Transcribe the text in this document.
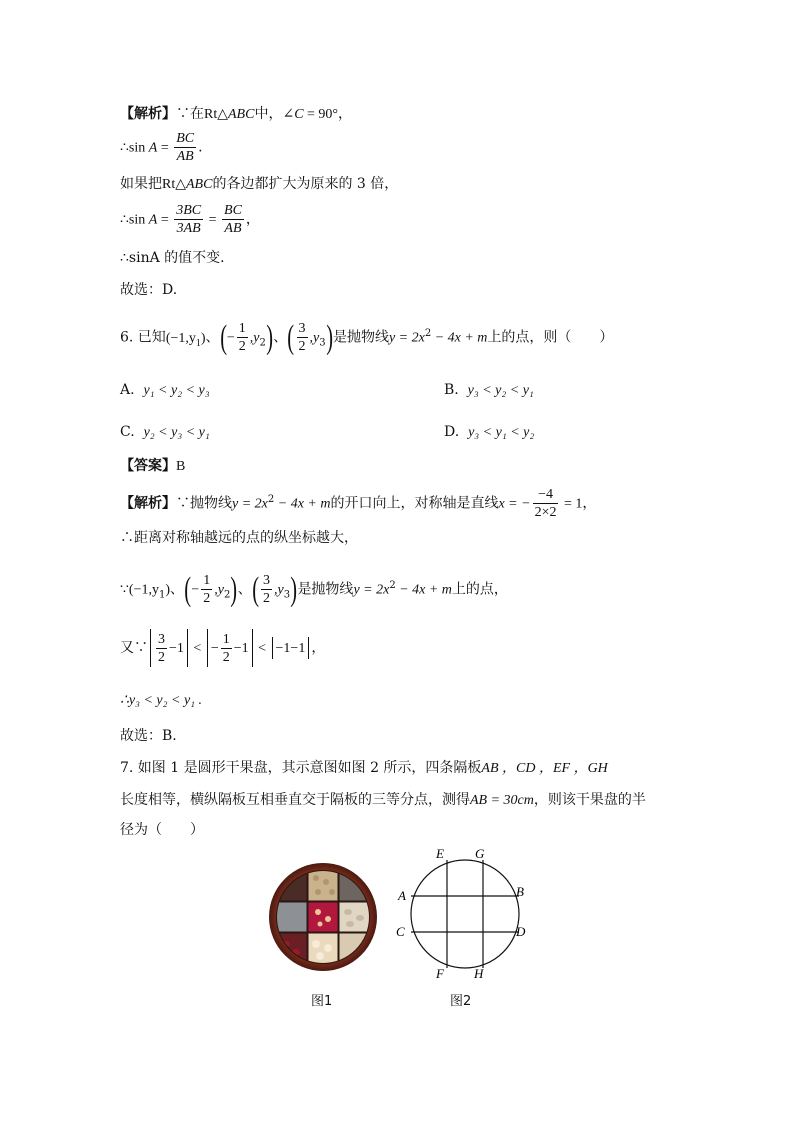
【解析】∵在Rt△ABC中，∠C = 90°，
∴sin $A = \frac{BC}{AB}$ .
如果把Rt△ABC的各边都扩大为原来的 3 倍，
∴sin $A = \frac{3BC}{3AB} = \frac{BC}{AB}$ ，
∴sinA 的值不变.
故选：D.
6. 已知$(-1,y_1)$、(− $\frac{1}{2} ,y_2$)、( $\frac{3}{2} ,y_3$)是抛物线$y = 2x^2 - 4x + m$上的点，则（　　）
A. y₁ < y₂ < y₃	B. y₃ < y₂ < y₁
C. y₂ < y₃ < y₁	D. y₃ < y₁ < y₂
【答案】B
【解析】∵抛物线$y = 2x^2 - 4x + m$的开口向上，对称轴是直线x = − $\frac{-4}{2\times 2} = 1$，
∴距离对称轴越远的点的纵坐标越大，
$\because(-1,y_1)$、(− $\frac{1}{2} ,y_2$)、( $\frac{3}{2} ,y_3$)是抛物线$y = 2x^2 - 4x + m$上的点，
又∵ $\frac{3}{2} -1$ < − $\frac{1}{2} -1 < -1-1$ ，
∴y₃ < y₂ < y₁ .
故选：B.
7. 如图 1 是圆形干果盘，其示意图如图 2 所示，四条隔板AB ，CD ，EF ，GH
长度相等，横纵隔板互相垂直交于隔板的三等分点，测得AB = 30cm，则该干果盘的半
径为（　　）
E G
A	B
C	D
F H
图1	图2
